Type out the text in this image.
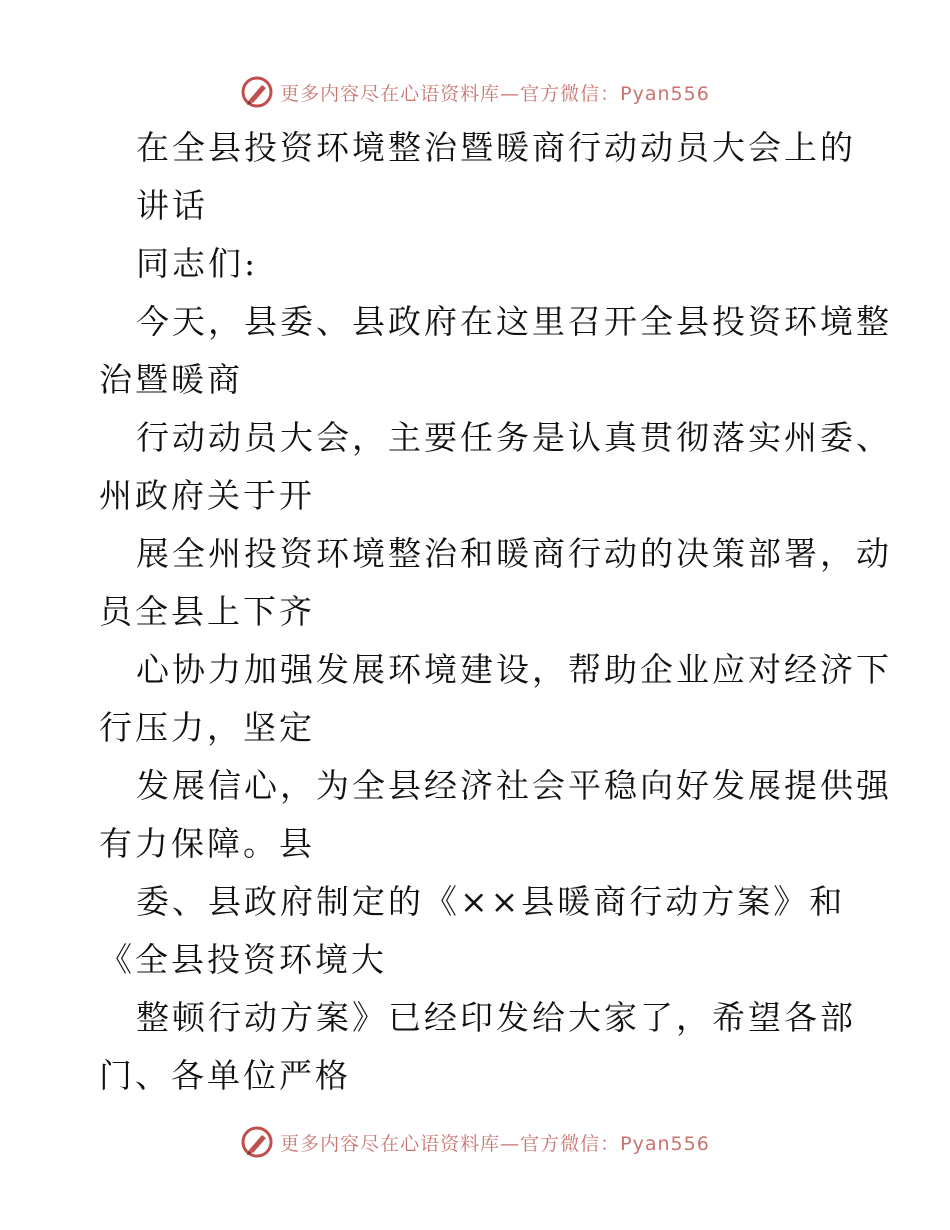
更多内容尽在心语资料库—官方微信：Pyan556
在全县投资环境整治暨暖商行动动员大会上的
讲话
同志们:
今天，县委、县政府在这里召开全县投资环境整
治暨暖商
行动动员大会，主要任务是认真贯彻落实州委、
州政府关于开
展全州投资环境整治和暖商行动的决策部署，动
员全县上下齐
心协力加强发展环境建设，帮助企业应对经济下
行压力，坚定
发展信心，为全县经济社会平稳向好发展提供强
有力保障。县
委、县政府制定的《××县暖商行动方案》和
《全县投资环境大
整顿行动方案》已经印发给大家了，希望各部
门、各单位严格
更多内容尽在心语资料库—官方微信：Pyan556
